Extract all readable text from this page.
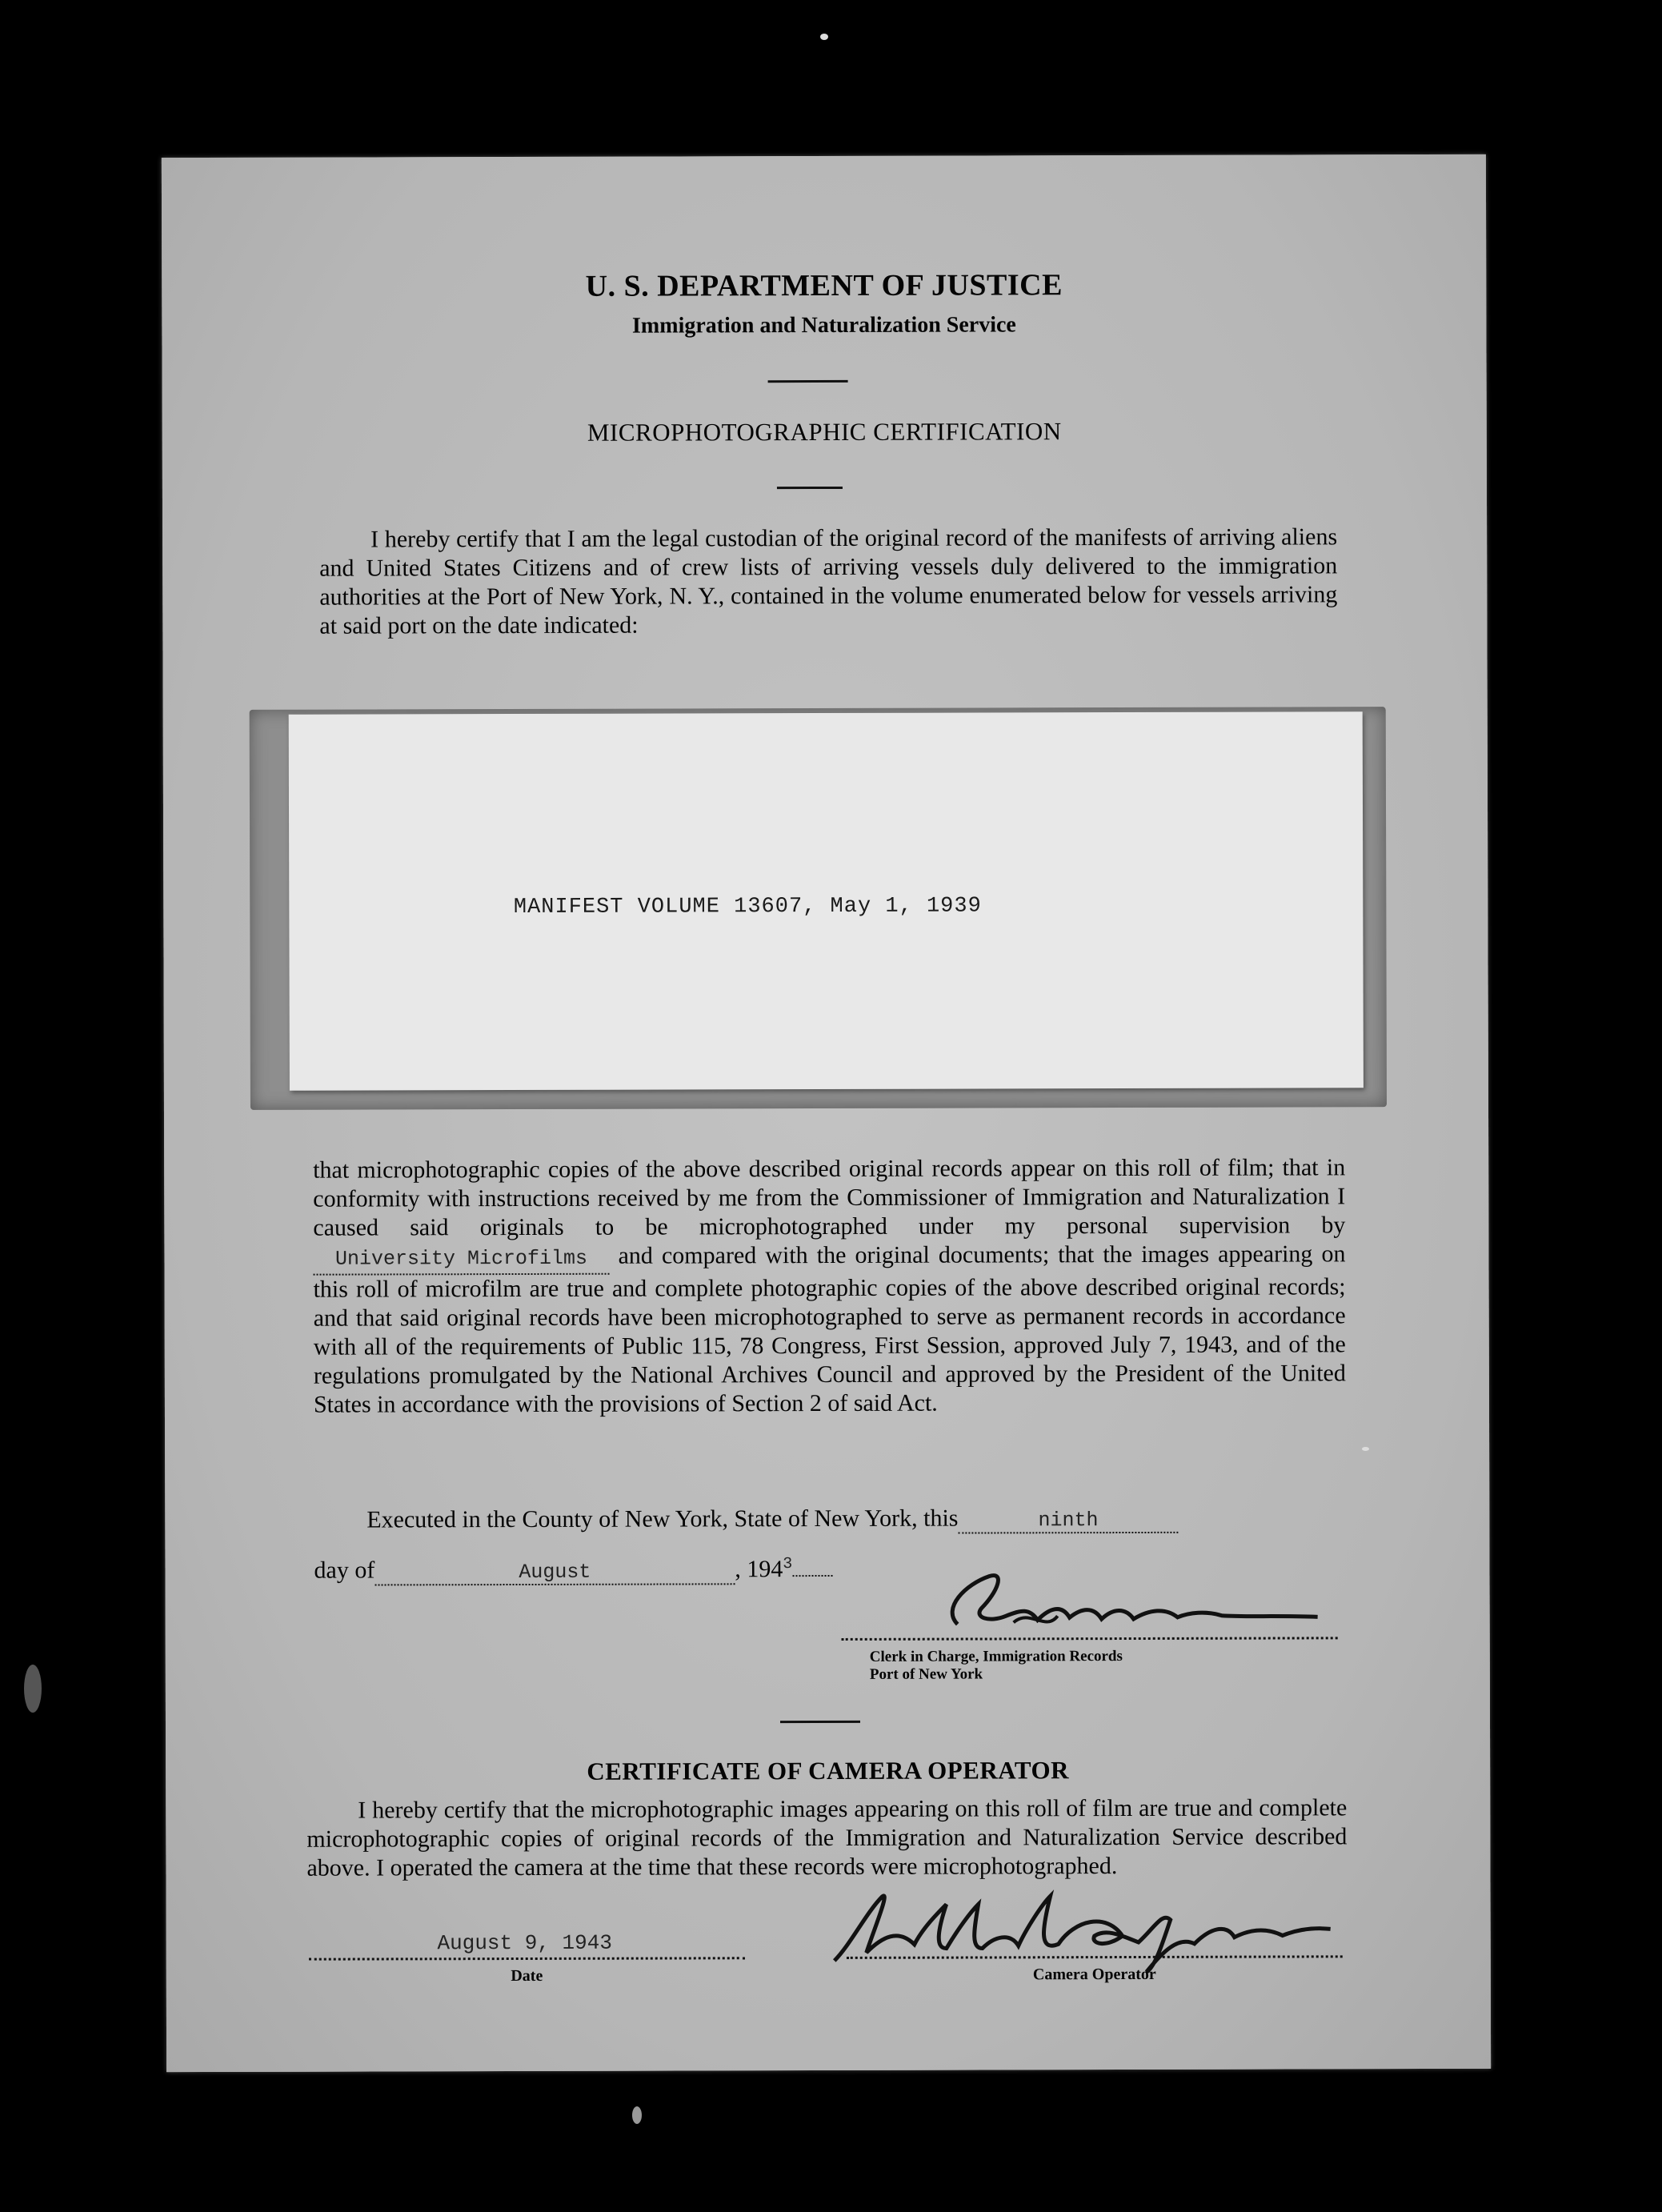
U. S. DEPARTMENT OF JUSTICE
Immigration and Naturalization Service
MICROPHOTOGRAPHIC CERTIFICATION
I hereby certify that I am the legal custodian of the original record of the manifests of arriving aliens and United States Citizens and of crew lists of arriving vessels duly delivered to the immigration authorities at the Port of New York, N. Y., contained in the volume enumerated below for vessels arriving at said port on the date indicated:
MANIFEST VOLUME 13607, May 1, 1939
that microphotographic copies of the above described original records appear on this roll of film; that in conformity with instructions received by me from the Commissioner of Immigration and Naturalization I caused said originals to be microphotographed under my personal supervision byUniversity Microfilms and compared with the original documents; that the images appearing on this roll of microfilm are true and complete photographic copies of the above described original records; and that said original records have been microphotographed to serve as permanent records in accordance with all of the requirements of Public 115, 78 Congress, First Session, approved July 7, 1943, and of the regulations promulgated by the National Archives Council and approved by the President of the United States in accordance with the provisions of Section 2 of said Act.
Executed in the County of New York, State of New York, this	ninth
day of	August	, $194^3$
Clerk in Charge, Immigration Records
Port of New York
CERTIFICATE OF CAMERA OPERATOR
I hereby certify that the microphotographic images appearing on this roll of film are true and complete microphotographic copies of original records of the Immigration and Naturalization Service described above. I operated the camera at the time that these records were microphotographed.
August 9, 1943
Date	Camera Operator
